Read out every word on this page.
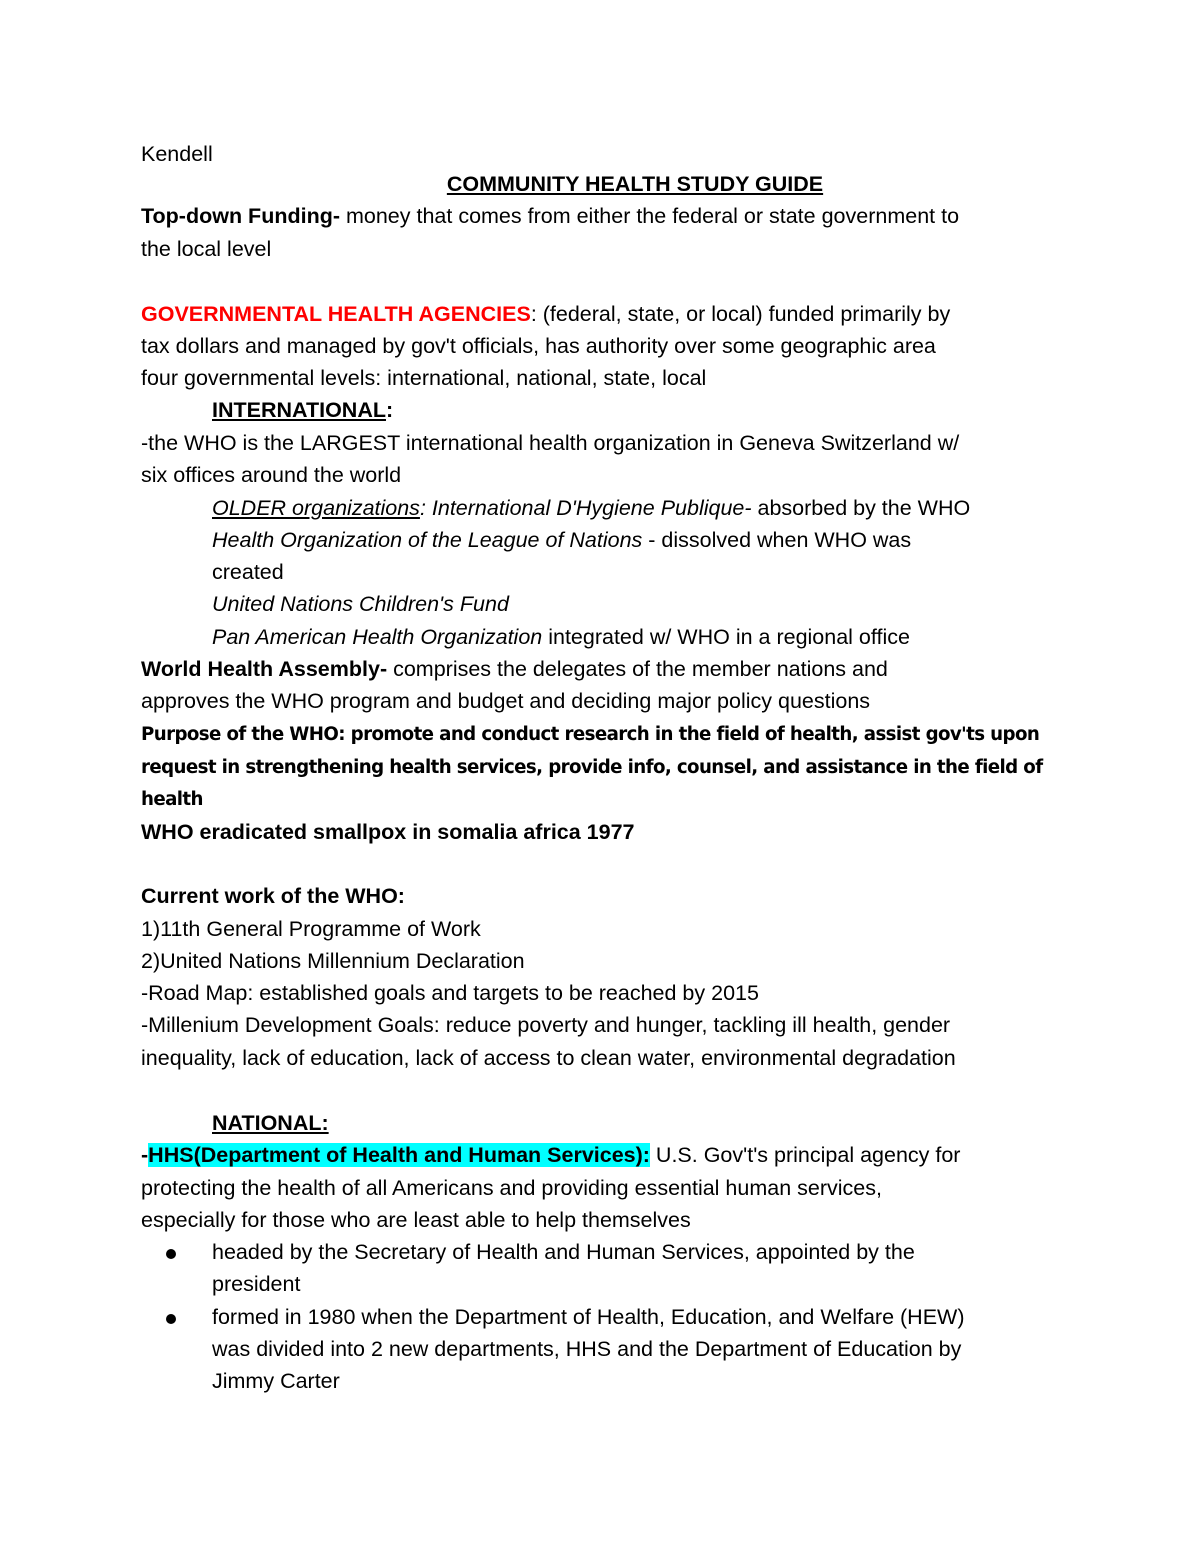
Kendell
COMMUNITY HEALTH STUDY GUIDE
Top-down Funding- money that comes from either the federal or state government to
the local level
GOVERNMENTAL HEALTH AGENCIES: (federal, state, or local) funded primarily by
tax dollars and managed by gov't officials, has authority over some geographic area
four governmental levels: international, national, state, local
INTERNATIONAL:
-the WHO is the LARGEST international health organization in Geneva Switzerland w/
six offices around the world
OLDER organizations: International D'Hygiene Publique- absorbed by the WHO
Health Organization of the League of Nations - dissolved when WHO was
created
United Nations Children's Fund
Pan American Health Organization integrated w/ WHO in a regional office
World Health Assembly- comprises the delegates of the member nations and
approves the WHO program and budget and deciding major policy questions
Purpose of the WHO: promote and conduct research in the field of health, assist gov'ts upon
request in strengthening health services, provide info, counsel, and assistance in the field of
health
WHO eradicated smallpox in somalia africa 1977
Current work of the WHO:
1)11th General Programme of Work
2)United Nations Millennium Declaration
-Road Map: established goals and targets to be reached by 2015
-Millenium Development Goals: reduce poverty and hunger, tackling ill health, gender
inequality, lack of education, lack of access to clean water, environmental degradation
NATIONAL:
-HHS(Department of Health and Human Services): U.S. Gov't's principal agency for
protecting the health of all Americans and providing essential human services,
especially for those who are least able to help themselves
headed by the Secretary of Health and Human Services, appointed by the
president
formed in 1980 when the Department of Health, Education, and Welfare (HEW)
was divided into 2 new departments, HHS and the Department of Education by
Jimmy Carter
